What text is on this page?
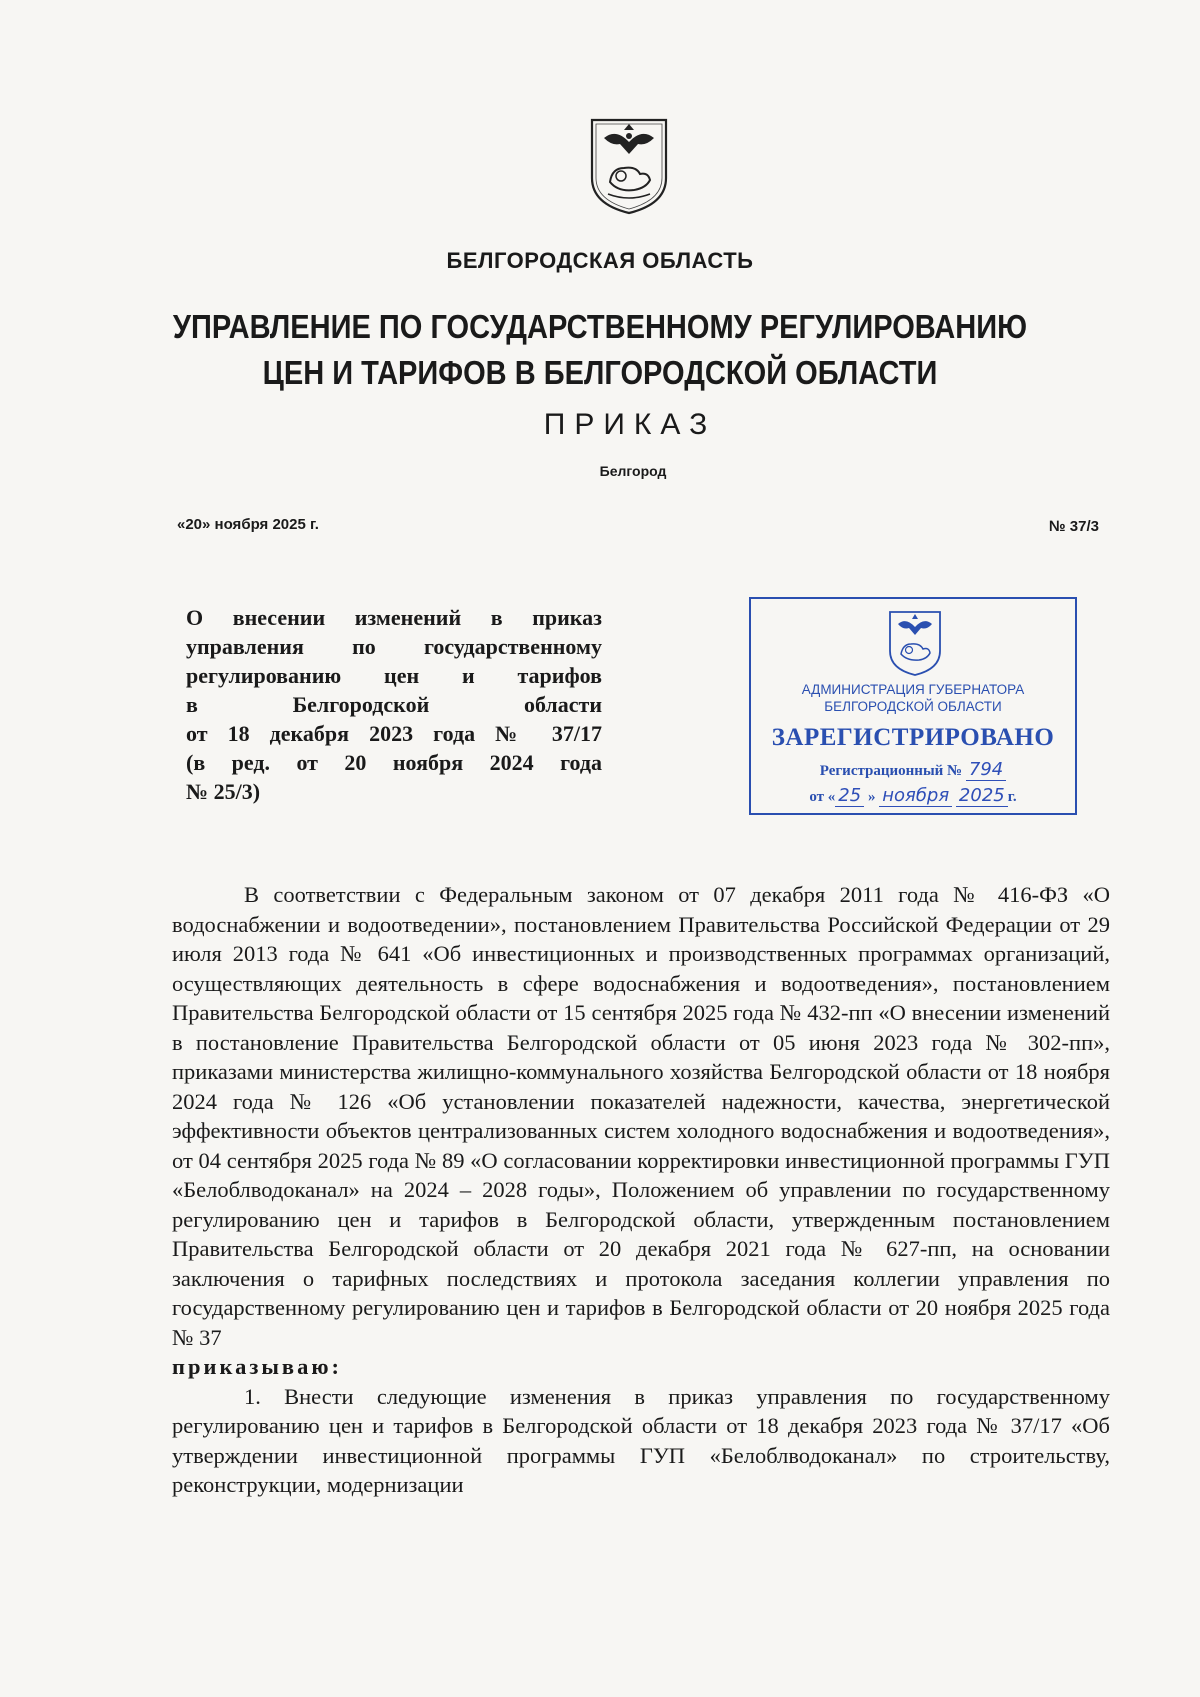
БЕЛГОРОДСКАЯ ОБЛАСТЬ
УПРАВЛЕНИЕ ПО ГОСУДАРСТВЕННОМУ РЕГУЛИРОВАНИЮ
ЦЕН И ТАРИФОВ В БЕЛГОРОДСКОЙ ОБЛАСТИ
ПРИКАЗ
Белгород
«20» ноября 2025 г.	№ 37/3
О внесении изменений в приказ
управления по государственному
регулированию цен и тарифов
в Белгородской области
от 18 декабря 2023 года № 37/17
(в ред. от 20 ноября 2024 года
№ 25/3)
АДМИНИСТРАЦИЯ ГУБЕРНАТОРА
БЕЛГОРОДСКОЙ ОБЛАСТИ
ЗАРЕГИСТРИРОВАНО
Регистрационный № 794
от « 25 » ноября 2025 г.

В соответствии с Федеральным законом от 07 декабря 2011 года № 416-ФЗ «О водоснабжении и водоотведении», постановлением Правительства Российской Федерации от 29 июля 2013 года № 641 «Об инвестиционных и производственных программах организаций, осуществляющих деятельность в сфере водоснабжения и водоотведения», постановлением Правительства Белгородской области от 15 сентября 2025 года № 432-пп «О внесении изменений в постановление Правительства Белгородской области от 05 июня 2023 года № 302-пп», приказами министерства жилищно-коммунального хозяйства Белгородской области от 18 ноября 2024 года № 126 «Об установлении показателей надежности, качества, энергетической эффективности объектов централизованных систем холодного водоснабжения и водоотведения», от 04 сентября 2025 года № 89 «О согласовании корректировки инвестиционной программы ГУП «Белоблводоканал» на 2024 – 2028 годы», Положением об управлении по государственному регулированию цен и тарифов в Белгородской области, утвержденным постановлением Правительства Белгородской области от 20 декабря 2021 года № 627-пп, на основании заключения о тарифных последствиях и протокола заседания коллегии управления по государственному регулированию цен и тарифов в Белгородской области от 20 ноября 2025 года № 37

приказываю:

1. Внести следующие изменения в приказ управления по государственному регулированию цен и тарифов в Белгородской области от 18 декабря 2023 года № 37/17 «Об утверждении инвестиционной программы ГУП «Белоблводоканал» по строительству, реконструкции, модернизации
